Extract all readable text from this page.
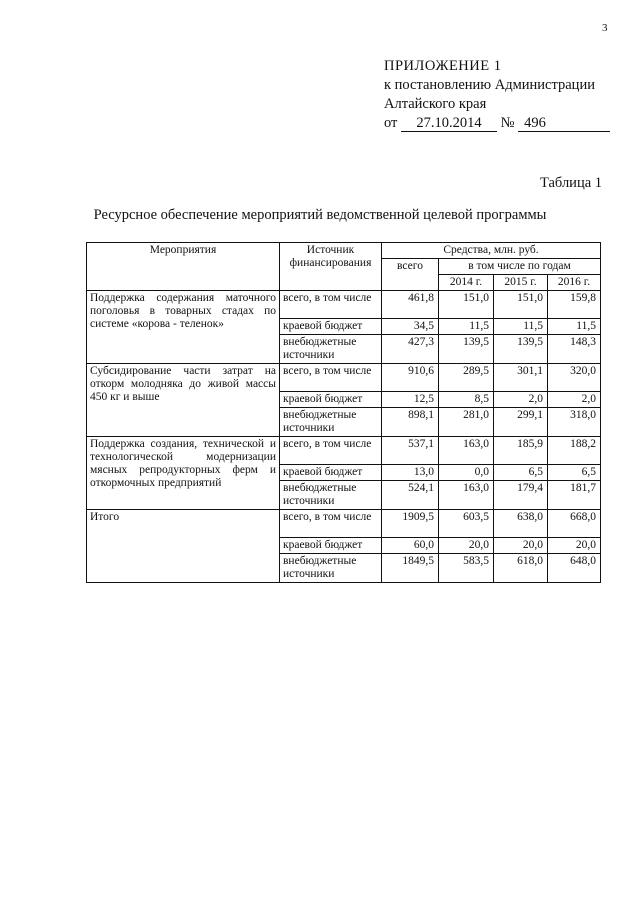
3
ПРИЛОЖЕНИЕ 1
к постановлению Администрации
Алтайского края
от 27.10.2014 № 496
Таблица 1
Ресурсное обеспечение мероприятий ведомственной целевой программы
Мероприятия	Источник финансирования	Средства, млн. руб.			
		всего	в том числе по годам		
			2014 г.	2015 г.	2016 г.
Поддержка содержания маточного поголовья в товарных стадах по системе «корова - теленок»	всего, в том числе	461,8	151,0	151,0	159,8
	краевой бюджет	34,5	11,5	11,5	11,5
	внебюджетные источники	427,3	139,5	139,5	148,3
Субсидирование части затрат на откорм молодняка до живой массы 450 кг и выше	всего, в том числе	910,6	289,5	301,1	320,0
	краевой бюджет	12,5	8,5	2,0	2,0
	внебюджетные источники	898,1	281,0	299,1	318,0
Поддержка создания, технической и технологической модернизации мясных репродукторных ферм и откормочных предприятий	всего, в том числе	537,1	163,0	185,9	188,2
	краевой бюджет	13,0	0,0	6,5	6,5
	внебюджетные источники	524,1	163,0	179,4	181,7
Итого	всего, в том числе	1909,5	603,5	638,0	668,0
	краевой бюджет	60,0	20,0	20,0	20,0
	внебюджетные источники	1849,5	583,5	618,0	648,0
